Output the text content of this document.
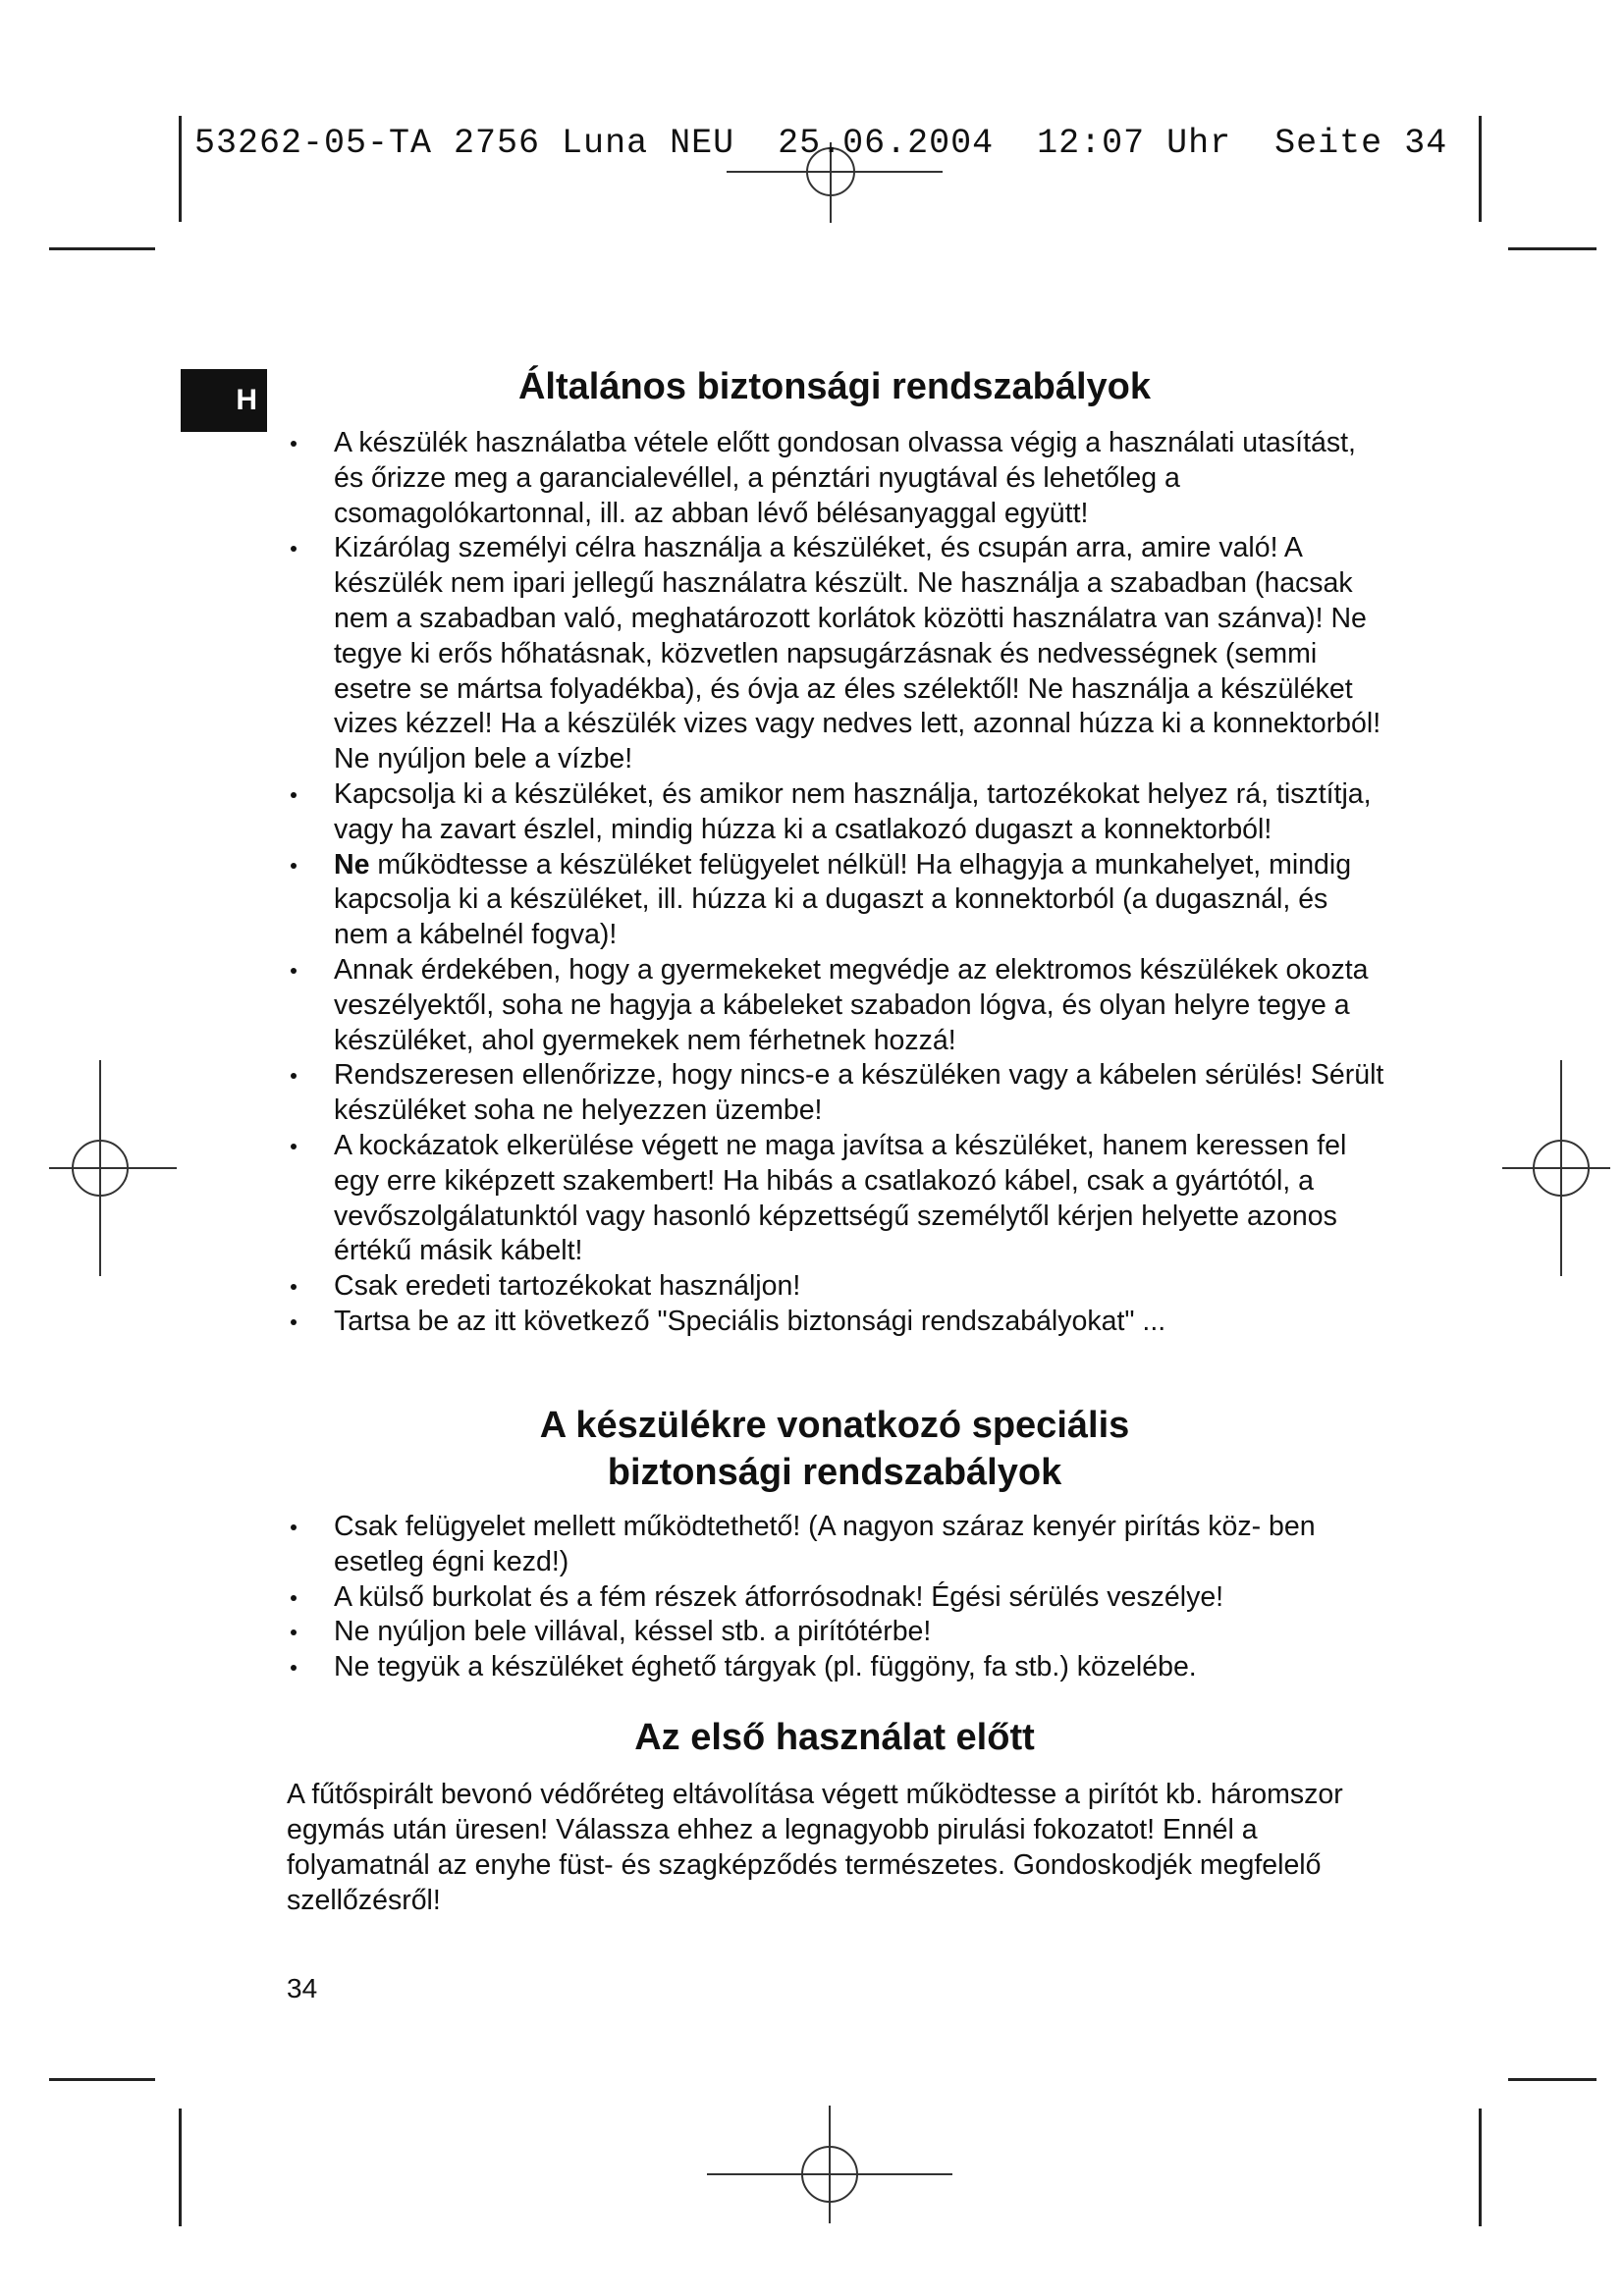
53262-05-TA 2756 Luna NEU  25.06.2004  12:07 Uhr  Seite 34
H	Általános biztonsági rendszabályok
A készülék használatba vétele előtt gondosan olvassa végig a használati utasítást, és őrizze meg a garancialevéllel, a pénztári nyugtával és lehetőleg a csomagolókartonnal, ill. az abban lévő bélésanyaggal együtt!
Kizárólag személyi célra használja a készüléket, és csupán arra, amire való! A készülék nem ipari jellegű használatra készült. Ne használja a szabadban (hacsak nem a szabadban való, meghatározott korlátok közötti használatra van szánva)! Ne tegye ki erős hőhatásnak, közvetlen napsugárzásnak és nedvességnek (semmi esetre se mártsa folyadékba), és óvja az éles szélektől! Ne használja a készüléket vizes kézzel! Ha a készülék vizes vagy nedves lett, azonnal húzza ki a konnektorból! Ne nyúljon bele a vízbe!
Kapcsolja ki a készüléket, és amikor nem használja, tartozékokat helyez rá, tisztítja, vagy ha zavart észlel, mindig húzza ki a csatlakozó dugaszt a konnektorból!
Ne működtesse a készüléket felügyelet nélkül! Ha elhagyja a munkahelyet, mindig kapcsolja ki a készüléket, ill. húzza ki a dugaszt a konnektorból (a dugasznál, és nem a kábelnél fogva)!
Annak érdekében, hogy a gyermekeket megvédje az elektromos készülékek okozta veszélyektől, soha ne hagyja a kábeleket szabadon lógva, és olyan helyre tegye a készüléket, ahol gyermekek nem férhetnek hozzá!
Rendszeresen ellenőrizze, hogy nincs-e a készüléken vagy a kábelen sérülés! Sérült készüléket soha ne helyezzen üzembe!
A kockázatok elkerülése végett ne maga javítsa a készüléket, hanem keressen fel egy erre kiképzett szakembert! Ha hibás a csatlakozó kábel, csak a gyártótól, a vevőszolgálatunktól vagy hasonló képzettségű személytől kérjen helyette azonos értékű másik kábelt!
Csak eredeti tartozékokat használjon!
Tartsa be az itt következő "Speciális biztonsági rendszabályokat" ...
A készülékre vonatkozó speciális
biztonsági rendszabályok
Csak felügyelet mellett működtethető! (A nagyon száraz kenyér pirítás köz- ben esetleg égni kezd!)
A külső burkolat és a fém részek átforrósodnak! Égési sérülés veszélye!
Ne nyúljon bele villával, késsel stb. a pirítótérbe!
Ne tegyük a készüléket éghető tárgyak (pl. függöny, fa stb.) közelébe.
Az első használat előtt

A fűtőspirált bevonó védőréteg eltávolítása végett működtesse a pirítót kb. háromszor egymás után üresen! Válassza ehhez a legnagyobb pirulási fokozatot! Ennél a folyamatnál az enyhe füst- és szagképződés természetes. Gondoskodjék megfelelő szellőzésről!

34
